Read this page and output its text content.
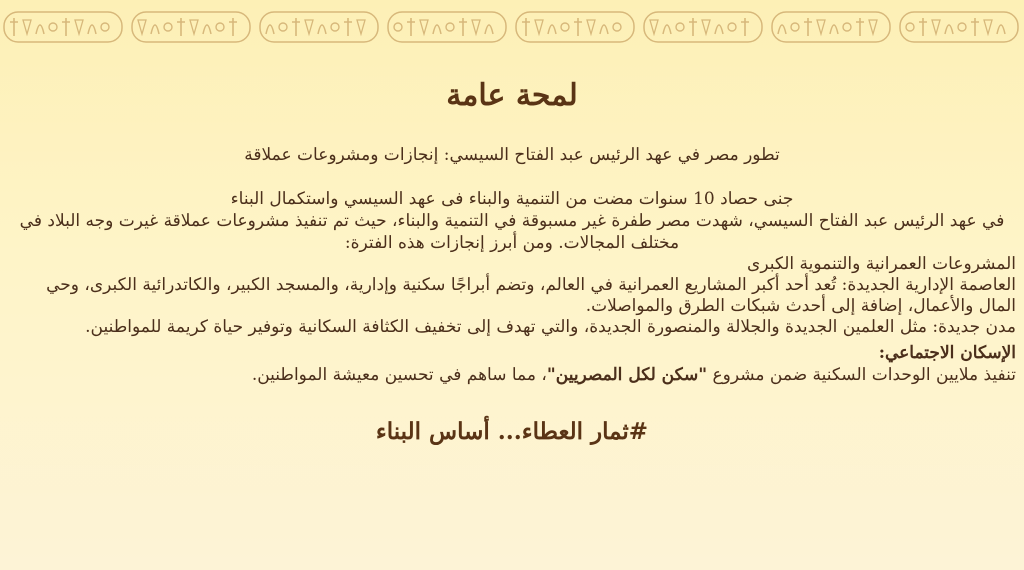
لمحة عامة
تطور مصر في عهد الرئيس عبد الفتاح السيسي: إنجازات ومشروعات عملاقة
جنى حصاد 10 سنوات مضت من التنمية والبناء فى عهد السيسي واستكمال البناء
في عهد الرئيس عبد الفتاح السيسي، شهدت مصر طفرة غير مسبوقة في التنمية والبناء، حيث تم تنفيذ مشروعات عملاقة غيرت وجه البلاد في مختلف المجالات. ومن أبرز إنجازات هذه الفترة:

المشروعات العمرانية والتنموية الكبرى

العاصمة الإدارية الجديدة: تُعد أحد أكبر المشاريع العمرانية في العالم، وتضم أبراجًا سكنية وإدارية، والمسجد الكبير، والكاتدرائية الكبرى، وحي المال والأعمال، إضافة إلى أحدث شبكات الطرق والمواصلات.

مدن جديدة: مثل العلمين الجديدة والجلالة والمنصورة الجديدة، والتي تهدف إلى تخفيف الكثافة السكانية وتوفير حياة كريمة للمواطنين.

الإسكان الاجتماعي:
تنفيذ ملايين الوحدات السكنية ضمن مشروع "سكن لكل المصريين"، مما ساهم في تحسين معيشة المواطنين.
#ثمار العطاء... أساس البناء
